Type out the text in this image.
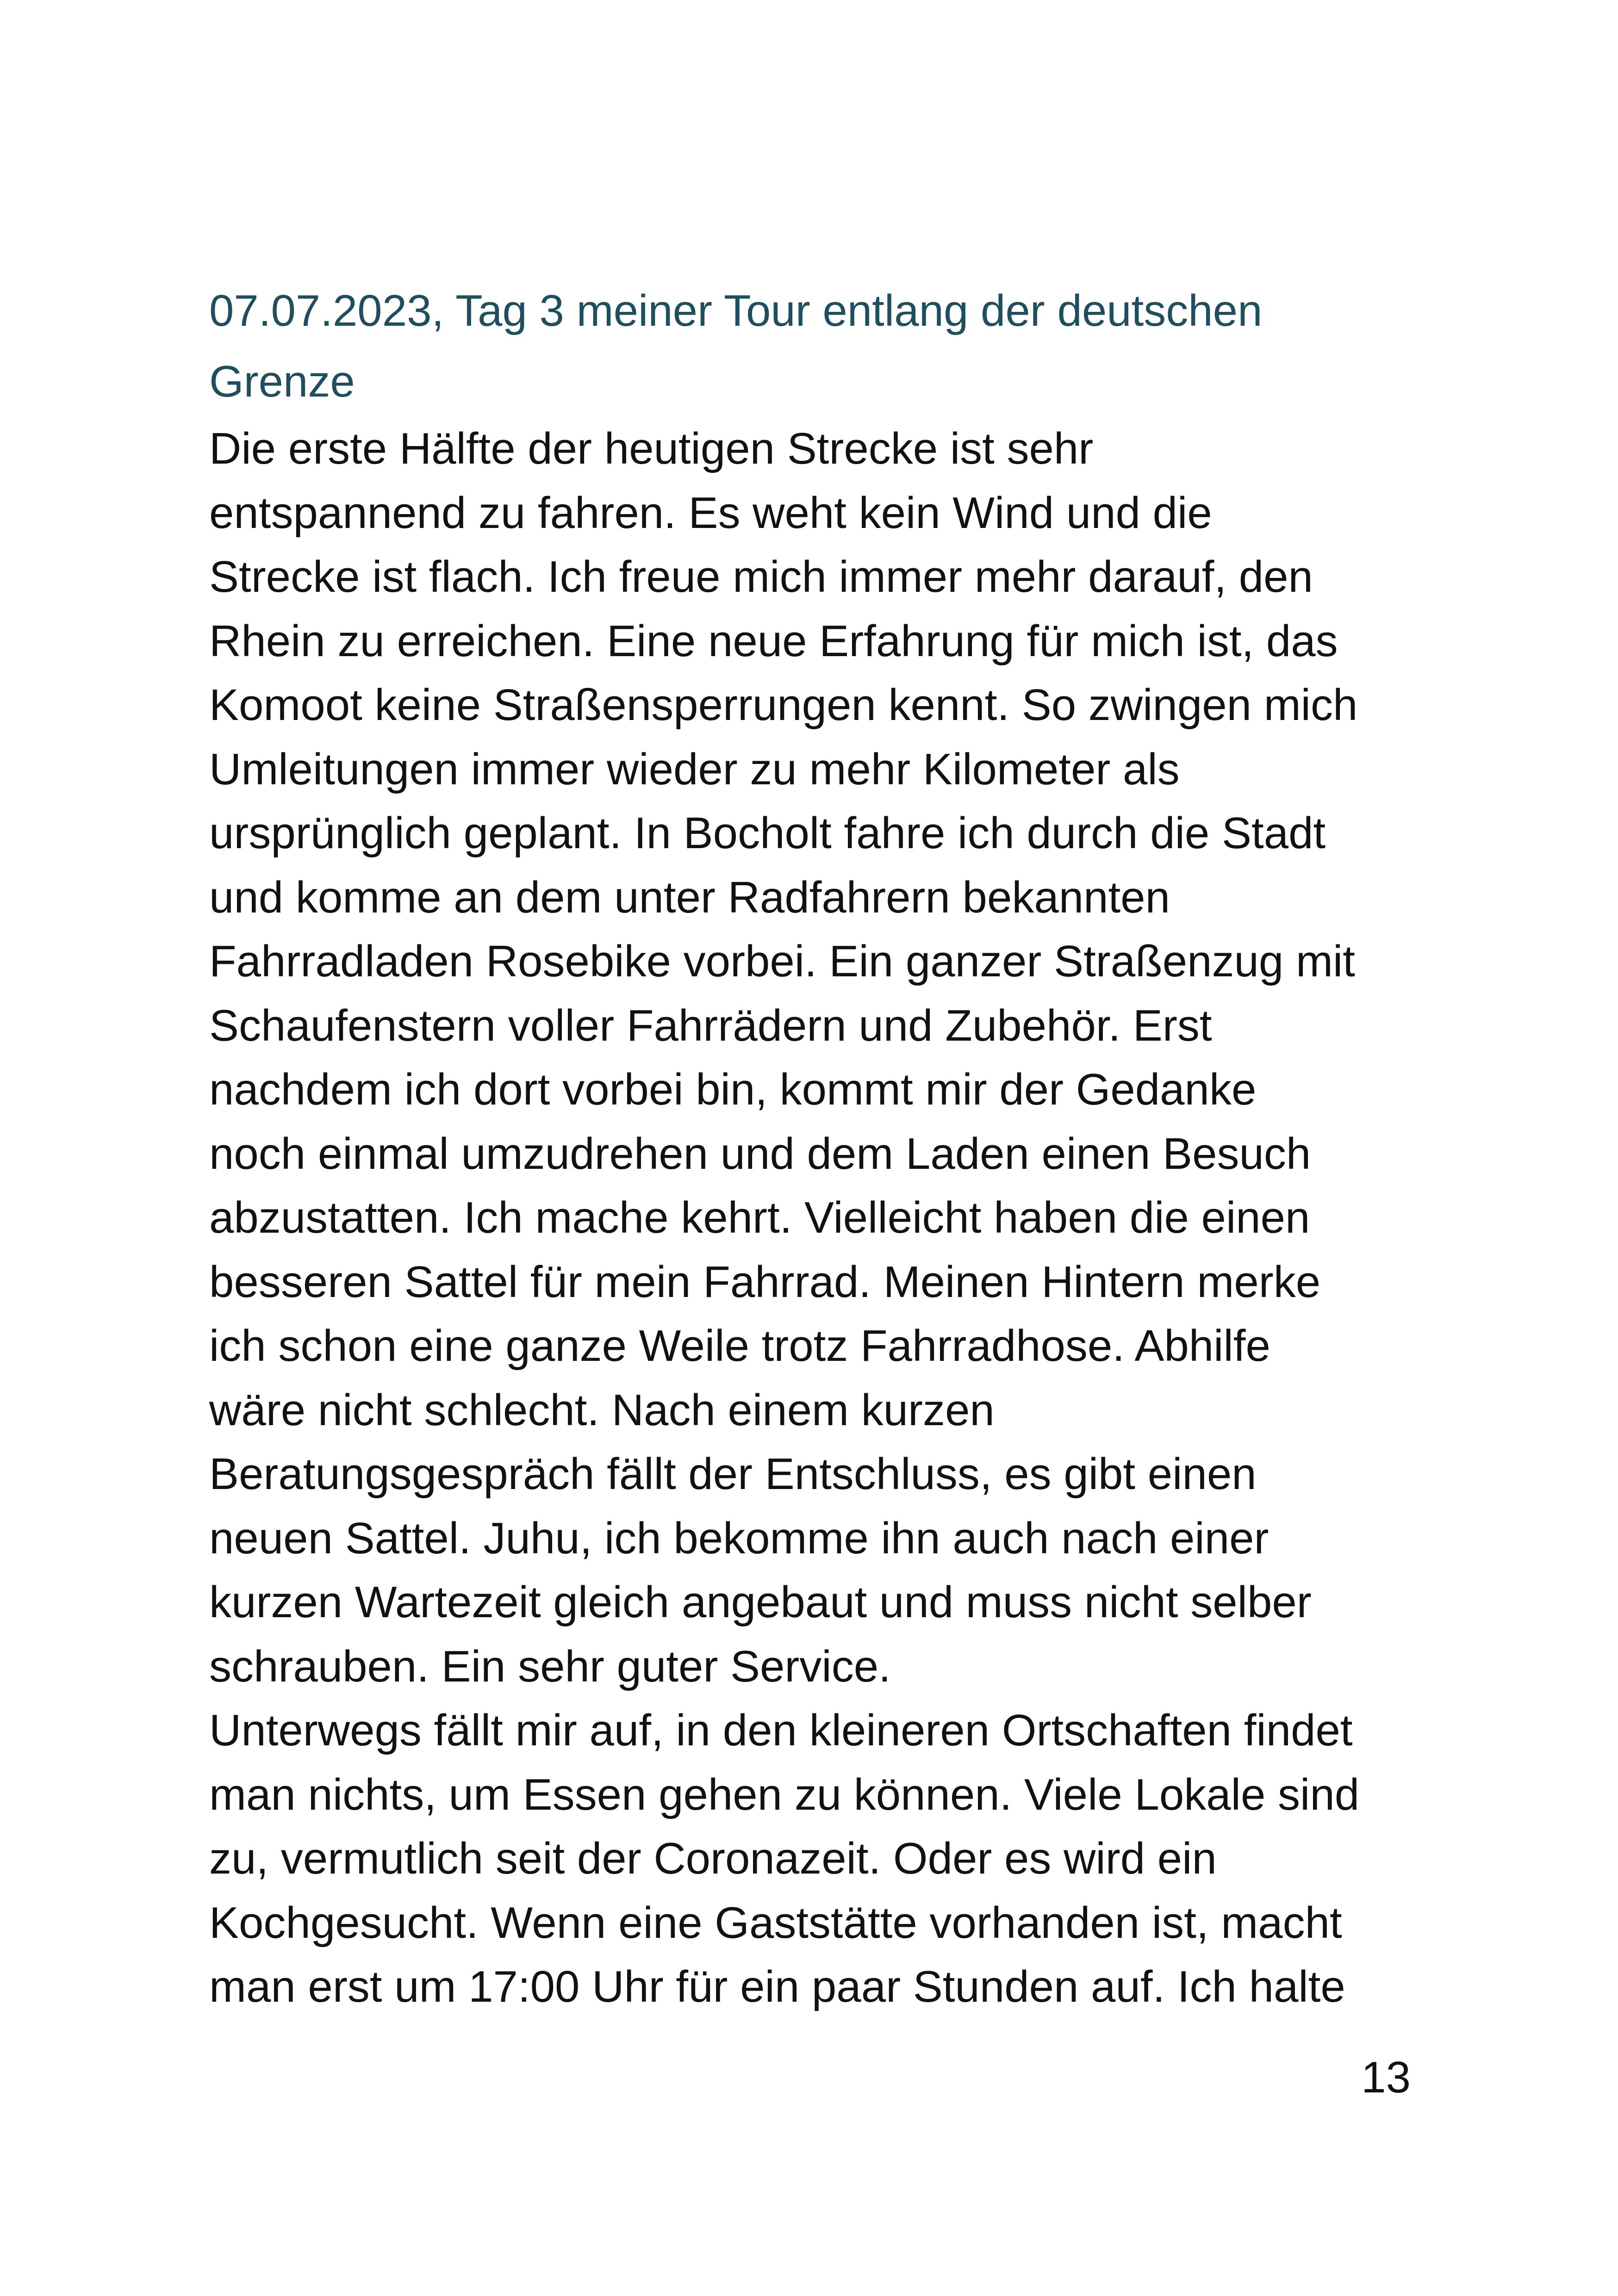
07.07.2023, Tag 3 meiner Tour entlang der deutschen
Grenze

Die erste Hälfte der heutigen Strecke ist sehr
entspannend zu fahren. Es weht kein Wind und die
Strecke ist flach. Ich freue mich immer mehr darauf, den
Rhein zu erreichen. Eine neue Erfahrung für mich ist, das
Komoot keine Straßensperrungen kennt. So zwingen mich
Umleitungen immer wieder zu mehr Kilometer als
ursprünglich geplant. In Bocholt fahre ich durch die Stadt
und komme an dem unter Radfahrern bekannten
Fahrradladen Rosebike vorbei. Ein ganzer Straßenzug mit
Schaufenstern voller Fahrrädern und Zubehör. Erst
nachdem ich dort vorbei bin, kommt mir der Gedanke
noch einmal umzudrehen und dem Laden einen Besuch
abzustatten. Ich mache kehrt. Vielleicht haben die einen
besseren Sattel für mein Fahrrad. Meinen Hintern merke
ich schon eine ganze Weile trotz Fahrradhose. Abhilfe
wäre nicht schlecht. Nach einem kurzen
Beratungsgespräch fällt der Entschluss, es gibt einen
neuen Sattel. Juhu, ich bekomme ihn auch nach einer
kurzen Wartezeit gleich angebaut und muss nicht selber
schrauben. Ein sehr guter Service.

Unterwegs fällt mir auf, in den kleineren Ortschaften findet
man nichts, um Essen gehen zu können. Viele Lokale sind
zu, vermutlich seit der Coronazeit. Oder es wird ein
Kochgesucht. Wenn eine Gaststätte vorhanden ist, macht
man erst um 17:00 Uhr für ein paar Stunden auf. Ich halte

13
